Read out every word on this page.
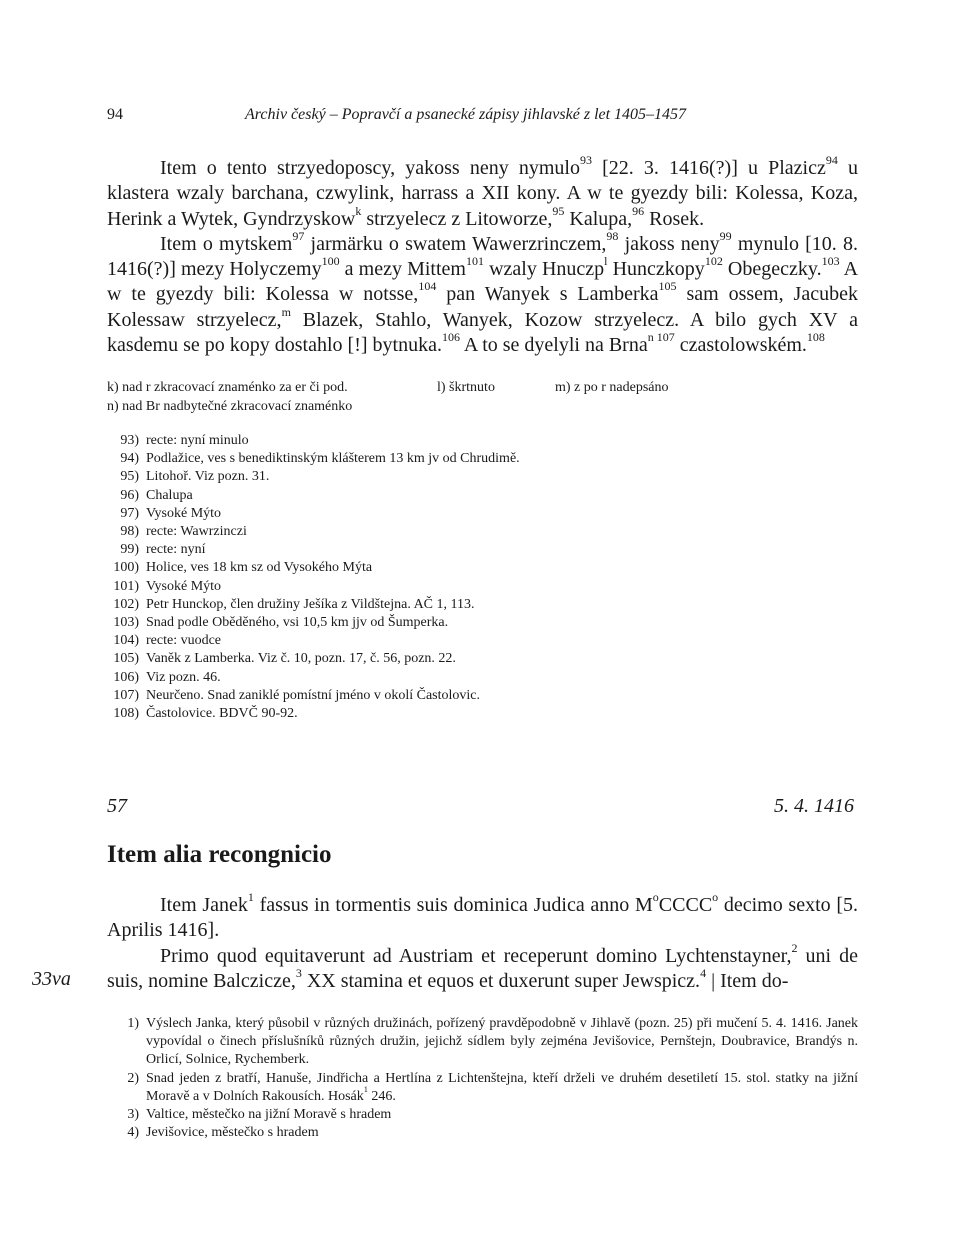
94	Archiv český – Popravčí a psanecké zápisy jihlavské z let 1405–1457

Item o tento strzyedoposcy, yakoss neny nymulo$^{93}$ [22. 3. 1416(?)] u Plazicz$^{94}$ u klastera wzaly barchana, czwylink, harrass a XII kony. A w te gyezdy bili: Kolessa, Koza, Herink a Wytek, Gyndrzyskow$^k$ strzyelecz z Litoworze,$^{95}$ Kalupa,$^{96}$ Rosek.

Item o mytskem$^{97}$ jarmärku o swatem Wawerzrinczem,$^{98}$ jakoss neny$^{99}$ mynulo [10. 8. 1416(?)] mezy Holyczemy$^{100}$ a mezy Mittem$^{101}$ wzaly Hnuczp$^l$ Hunczkopy$^{102}$ Obegeczky.$^{103}$ A w te gyezdy bili: Kolessa w notsse,$^{104}$ pan Wanyek s Lamberka$^{105}$ sam ossem, Jacubek Kolessaw strzyelecz,$^m$ Blazek, Stahlo, Wanyek, Kozow strzyelecz. A bilo gych XV a kasdemu se po kopy dostahlo [!] bytnuka.$^{106}$ A to se dyelyli na Brna$^{n 107}$ czastolowském.$^{108}$

k) nad r zkracovací znaménko za er či pod.	l) škrtnuto	m) z po r nadepsáno
n) nad Br nadbytečné zkracovací znaménko
93) recte: nyní minulo
94) Podlažice, ves s benediktinským klášterem 13 km jv od Chrudimě.
95) Litohoř. Viz pozn. 31.
96) Chalupa
97) Vysoké Mýto
98) recte: Wawrzinczi
99) recte: nyní
100) Holice, ves 18 km sz od Vysokého Mýta
101) Vysoké Mýto
102) Petr Hunckop, člen družiny Ješíka z Vildštejna. AČ 1, 113.
103) Snad podle Oběděného, vsi 10,5 km jjv od Šumperka.
104) recte: vuodce
105) Vaněk z Lamberka. Viz č. 10, pozn. 17, č. 56, pozn. 22.
106) Viz pozn. 46.
107) Neurčeno. Snad zaniklé pomístní jméno v okolí Častolovic.
108) Častolovice. BDVČ 90-92.
57	5. 4. 1416
Item alia recongnicio
33va

Item Janek$^1$ fassus in tormentis suis dominica Judica anno $M^oCCCC^o$ decimo sexto [5. Aprilis 1416].

Primo quod equitaverunt ad Austriam et receperunt domino Lychtenstayner,$^2$ uni de suis, nomine Balczicze,$^3$ XX stamina et equos et duxerunt super Jewspicz.$^4$ | Item do-

1) Výslech Janka, který působil v různých družinách, pořízený pravděpodobně v Jihlavě (pozn. 25) při mučení 5. 4. 1416. Janek vypovídal o činech příslušníků různých družin, jejichž sídlem byly zejména Jevišovice, Pernštejn, Doubravice, Brandýs n. Orlicí, Solnice, Rychemberk.
2) Snad jeden z bratří, Hanuše, Jindřicha a Hertlína z Lichtenštejna, kteří drželi ve druhém desetiletí 15. stol. statky na jižní Moravě a v Dolních Rakousích. Hosák$^1$ 246.
3) Valtice, městečko na jižní Moravě s hradem
4) Jevišovice, městečko s hradem
